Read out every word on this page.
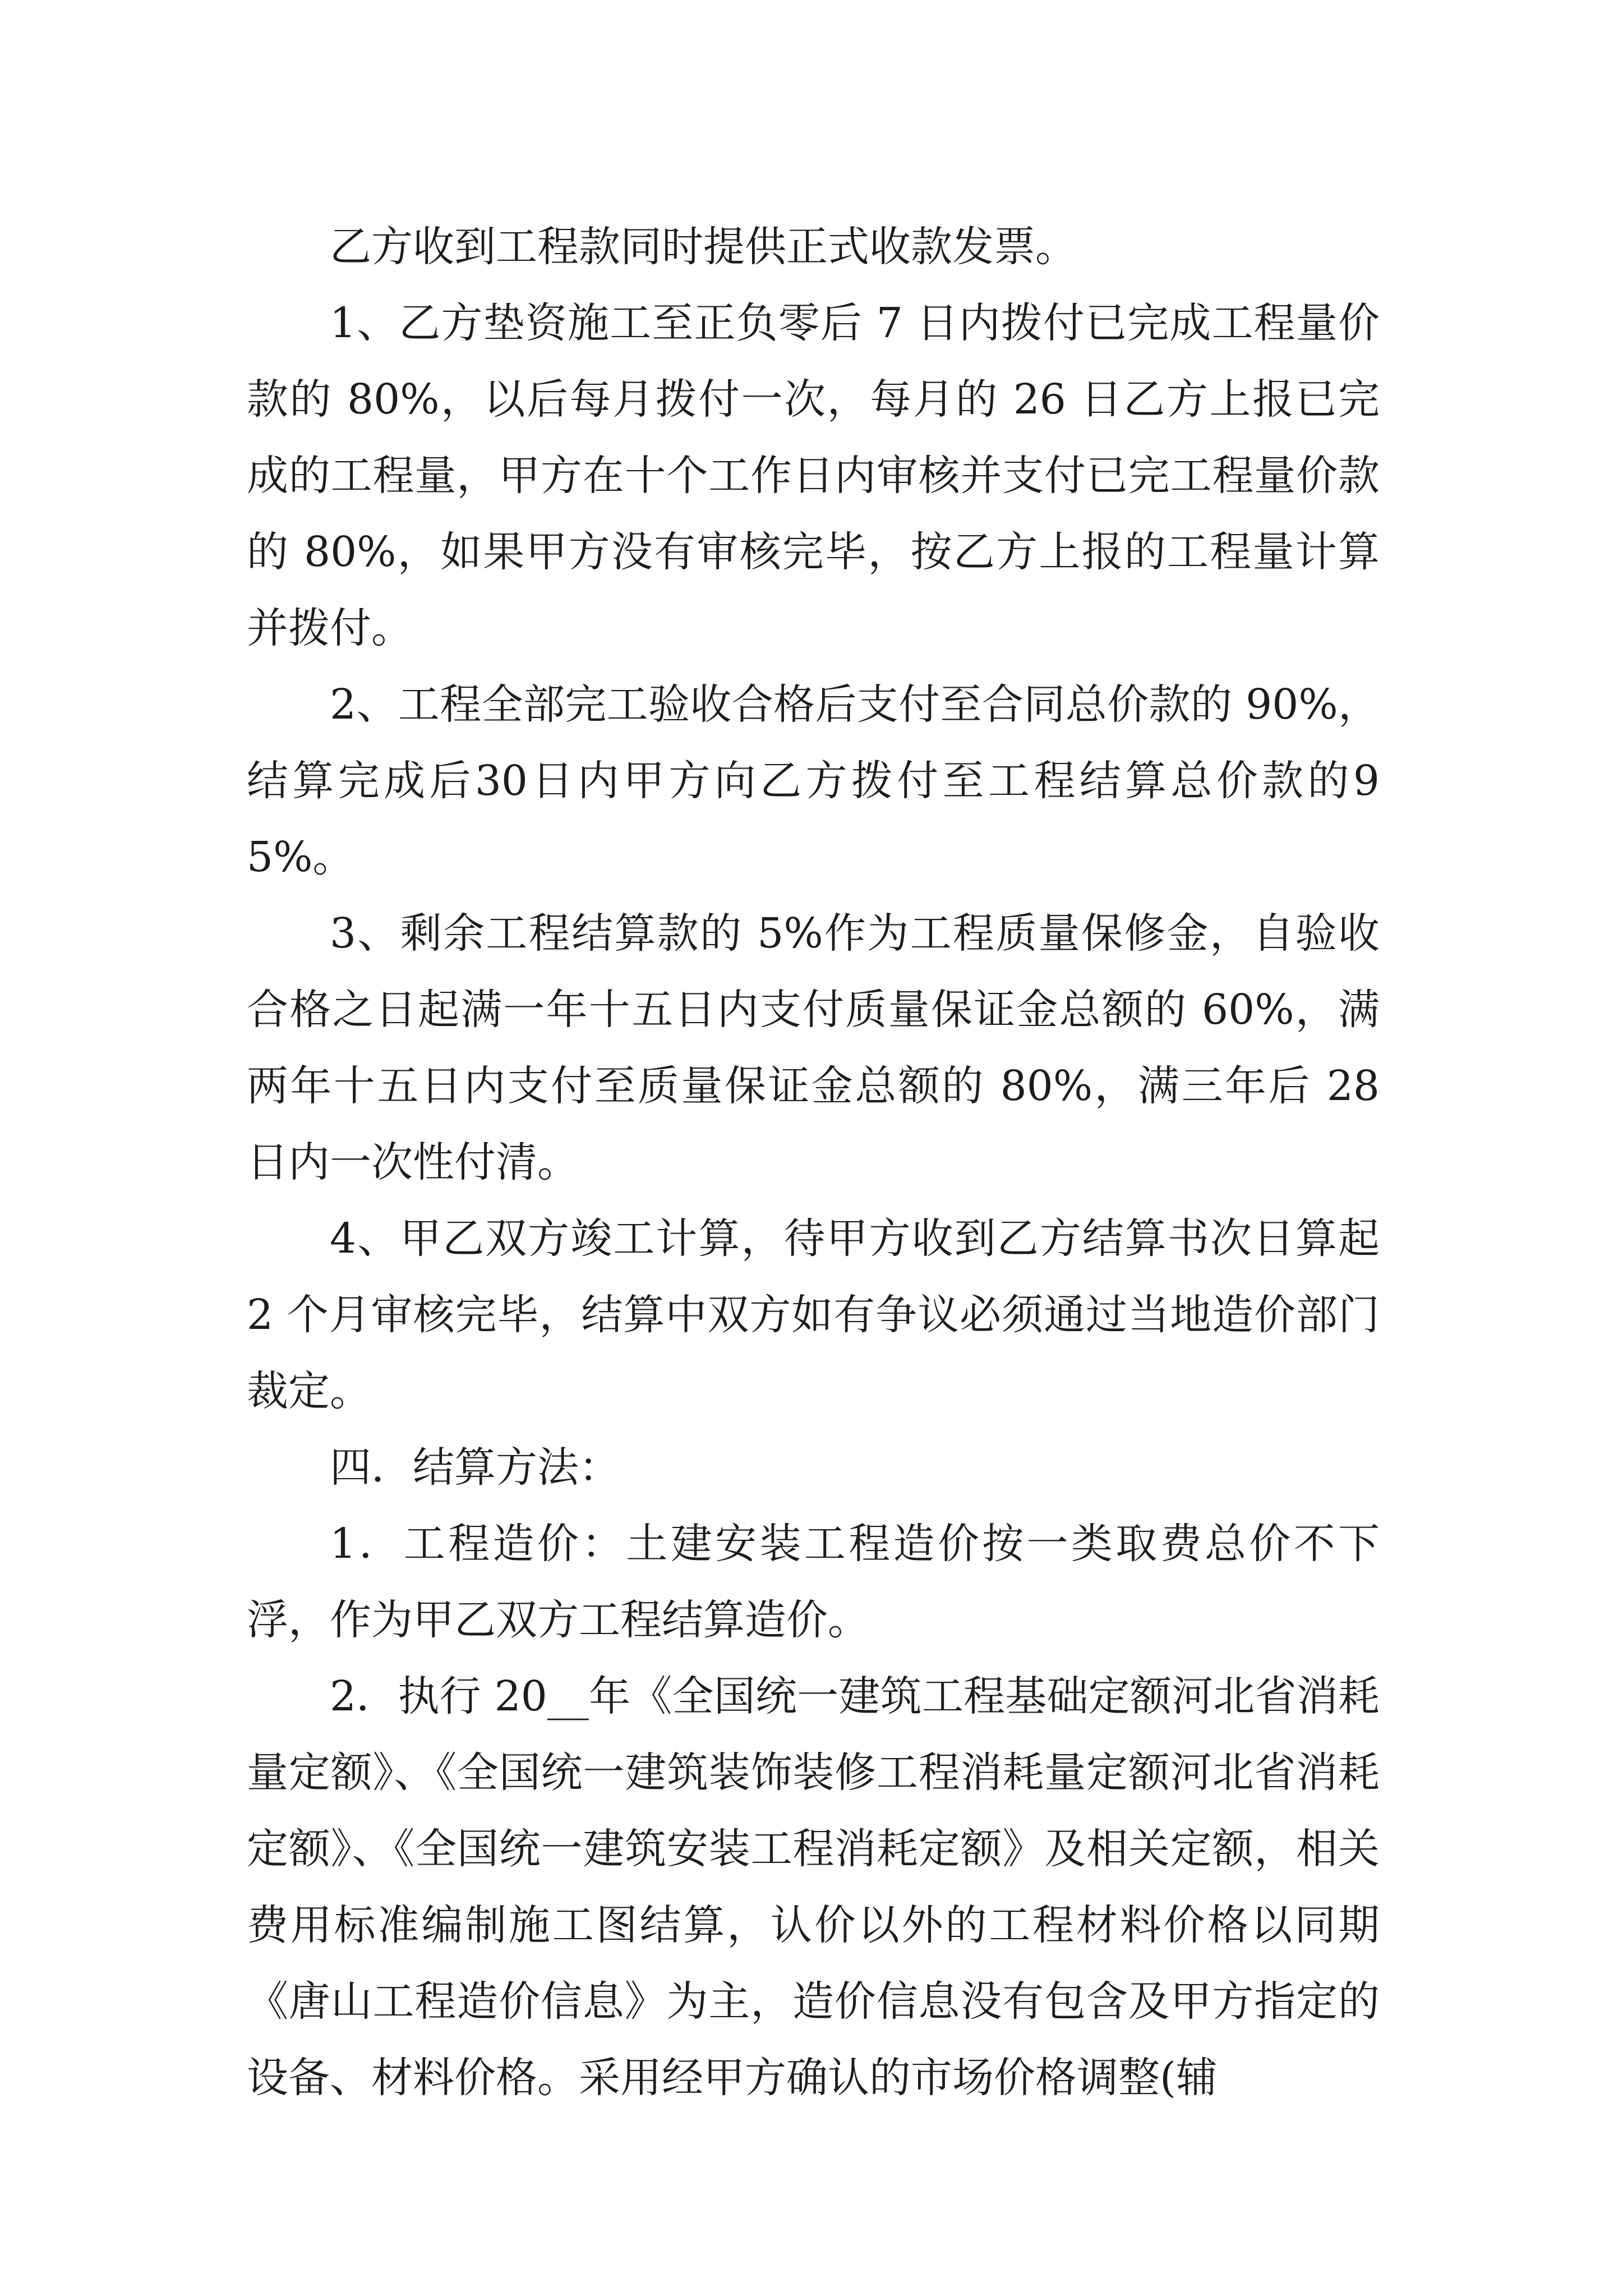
乙方收到工程款同时提供正式收款发票。

1、乙方垫资施工至正负零后 7 日内拨付已完成工程量价款的 80%，以后每月拨付一次，每月的 26 日乙方上报已完成的工程量，甲方在十个工作日内审核并支付已完工程量价款的 80%，如果甲方没有审核完毕，按乙方上报的工程量计算并拨付。

2、工程全部完工验收合格后支付至合同总价款的 90%，结算完成后30日内甲方向乙方拨付至工程结算总价款的95%。

3、剩余工程结算款的 5%作为工程质量保修金，自验收合格之日起满一年十五日内支付质量保证金总额的 60%，满两年十五日内支付至质量保证金总额的 80%，满三年后 28 日内一次性付清。

4、甲乙双方竣工计算，待甲方收到乙方结算书次日算起 2 个月审核完毕，结算中双方如有争议必须通过当地造价部门裁定。

四．结算方法：

1．工程造价：土建安装工程造价按一类取费总价不下浮，作为甲乙双方工程结算造价。

2．执行 20__年《全国统一建筑工程基础定额河北省消耗量定额》、《全国统一建筑装饰装修工程消耗量定额河北省消耗定额》、《全国统一建筑安装工程消耗定额》及相关定额，相关费用标准编制施工图结算，认价以外的工程材料价格以同期《唐山工程造价信息》为主，造价信息没有包含及甲方指定的设备、材料价格。采用经甲方确认的市场价格调整(辅
